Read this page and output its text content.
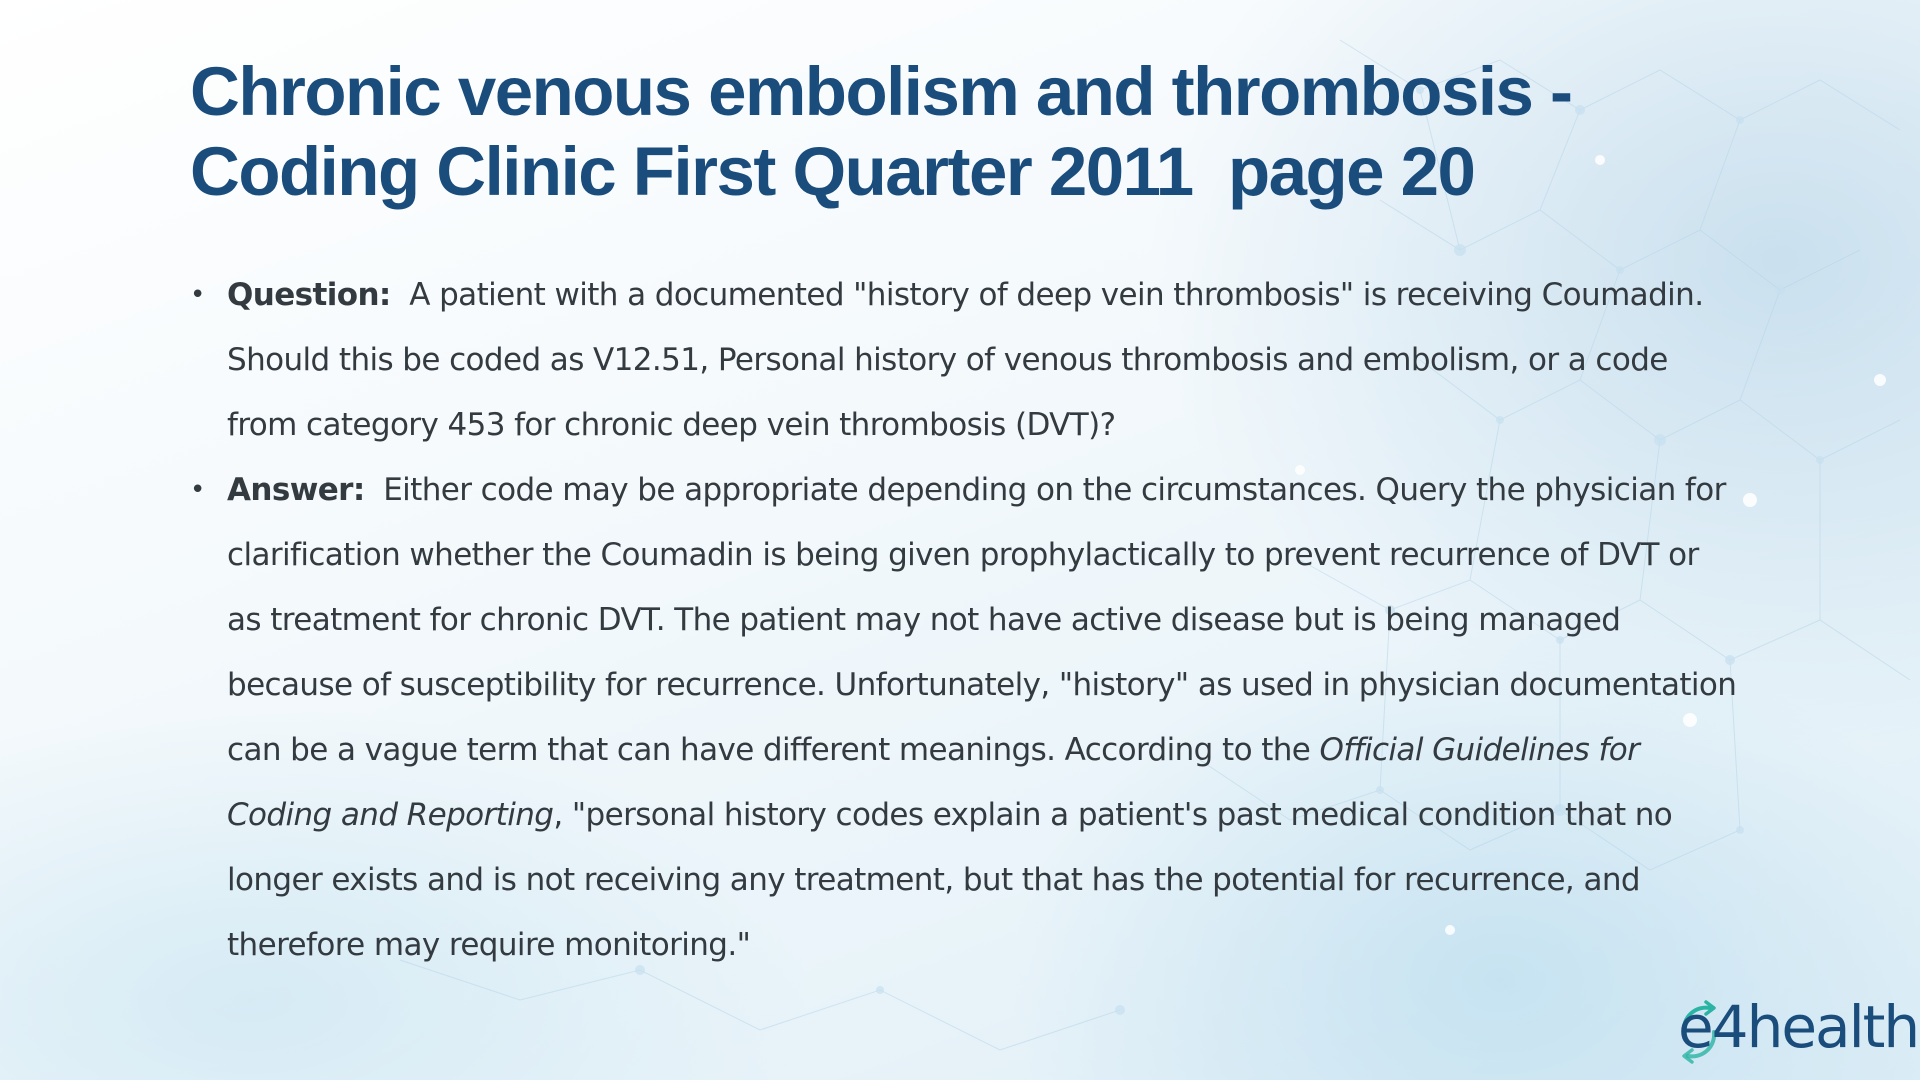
Chronic venous embolism and thrombosis -
Coding Clinic First Quarter 2011  page 20
• Question: A patient with a documented "history of deep vein thrombosis" is receiving Coumadin. Should this be coded as V12.51, Personal history of venous thrombosis and embolism, or a code from category 453 for chronic deep vein thrombosis (DVT)?
• Answer: Either code may be appropriate depending on the circumstances. Query the physician for clarification whether the Coumadin is being given prophylactically to prevent recurrence of DVT or as treatment for chronic DVT. The patient may not have active disease but is being managed because of susceptibility for recurrence. Unfortunately, "history" as used in physician documentation can be a vague term that can have different meanings. According to the Official Guidelines for Coding and Reporting, "personal history codes explain a patient's past medical condition that no longer exists and is not receiving any treatment, but that has the potential for recurrence, and therefore may require monitoring."
e4health
